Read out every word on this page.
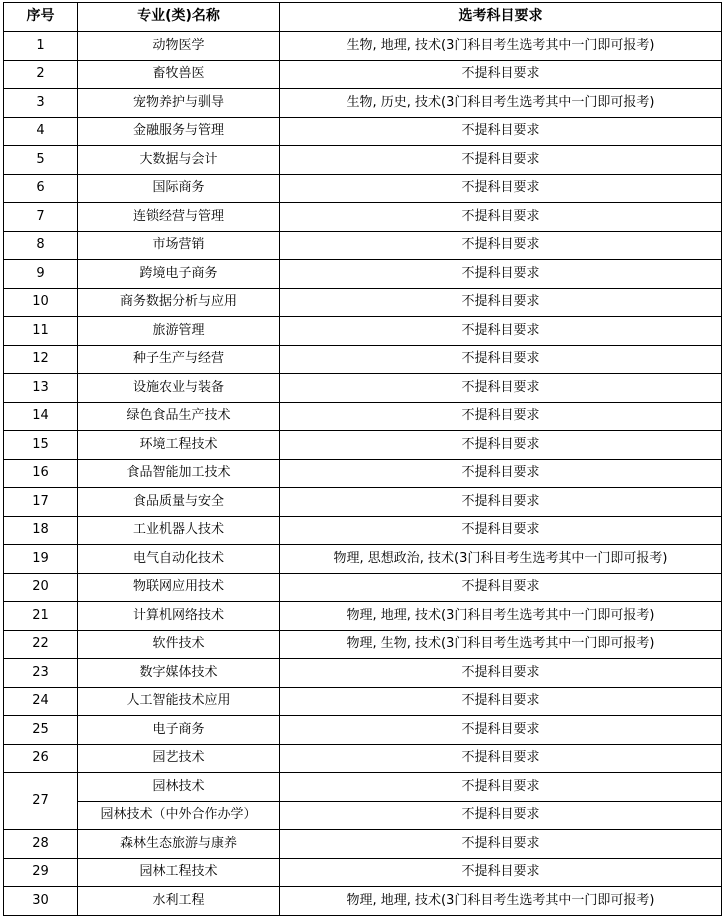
序号	专业(类)名称	选考科目要求
1	动物医学	生物, 地理, 技术(3门科目考生选考其中一门即可报考)
2	畜牧兽医	不提科目要求
3	宠物养护与驯导	生物, 历史, 技术(3门科目考生选考其中一门即可报考)
4	金融服务与管理	不提科目要求
5	大数据与会计	不提科目要求
6	国际商务	不提科目要求
7	连锁经营与管理	不提科目要求
8	市场营销	不提科目要求
9	跨境电子商务	不提科目要求
10	商务数据分析与应用	不提科目要求
11	旅游管理	不提科目要求
12	种子生产与经营	不提科目要求
13	设施农业与装备	不提科目要求
14	绿色食品生产技术	不提科目要求
15	环境工程技术	不提科目要求
16	食品智能加工技术	不提科目要求
17	食品质量与安全	不提科目要求
18	工业机器人技术	不提科目要求
19	电气自动化技术	物理, 思想政治, 技术(3门科目考生选考其中一门即可报考)
20	物联网应用技术	不提科目要求
21	计算机网络技术	物理, 地理, 技术(3门科目考生选考其中一门即可报考)
22	软件技术	物理, 生物, 技术(3门科目考生选考其中一门即可报考)
23	数字媒体技术	不提科目要求
24	人工智能技术应用	不提科目要求
25	电子商务	不提科目要求
26	园艺技术	不提科目要求
27	园林技术	不提科目要求
	园林技术（中外合作办学）	不提科目要求
28	森林生态旅游与康养	不提科目要求
29	园林工程技术	不提科目要求
30	水利工程	物理, 地理, 技术(3门科目考生选考其中一门即可报考)
